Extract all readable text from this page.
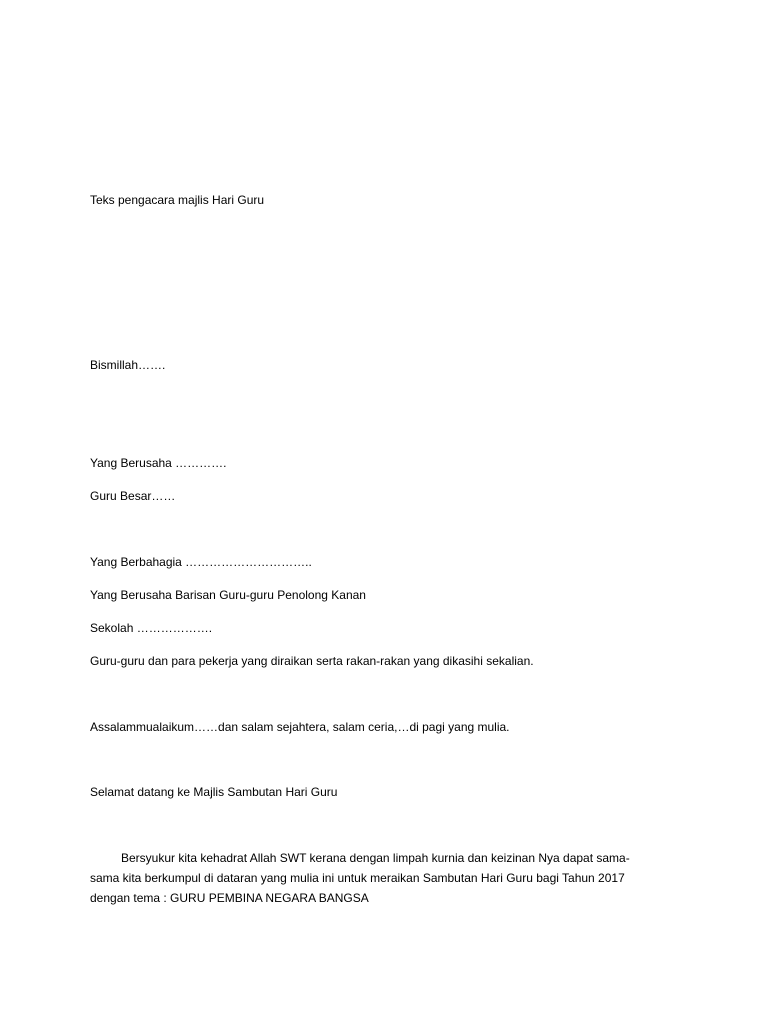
Teks pengacara majlis Hari Guru
Bismillah…….
Yang Berusaha ………….
Guru Besar……
Yang Berbahagia …………………………..
Yang Berusaha Barisan Guru-guru Penolong Kanan
Sekolah ……………….
Guru-guru dan para pekerja yang diraikan serta rakan-rakan yang dikasihi sekalian.
Assalammualaikum……dan salam sejahtera, salam ceria,…di pagi yang mulia.
Selamat datang ke Majlis Sambutan Hari Guru
Bersyukur kita kehadrat Allah SWT kerana dengan limpah kurnia dan keizinan Nya dapat sama-
sama kita berkumpul di dataran yang mulia ini untuk meraikan Sambutan Hari Guru bagi Tahun 2017
dengan tema : GURU PEMBINA NEGARA BANGSA
